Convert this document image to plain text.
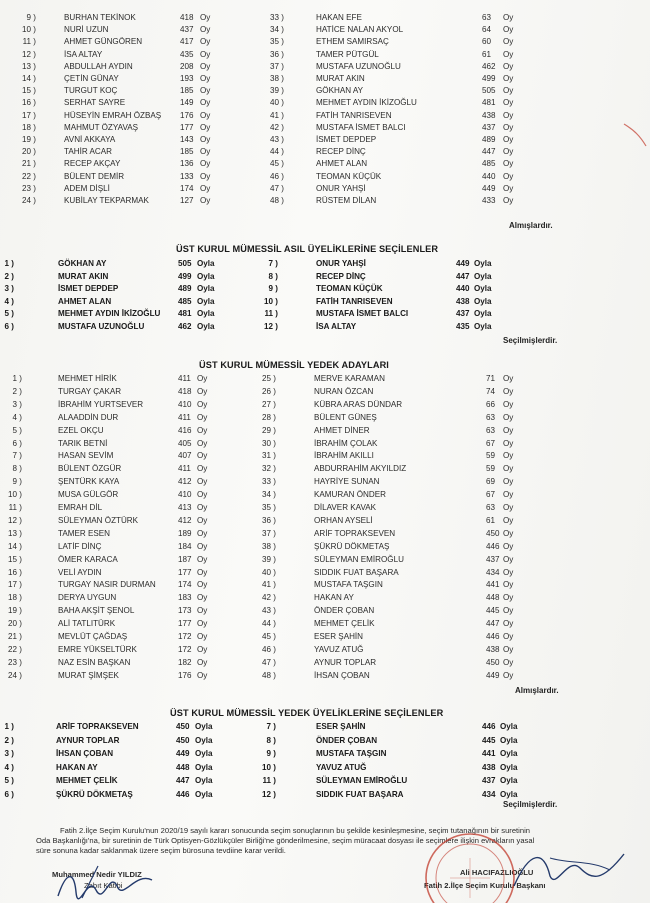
9 )	BURHAN TEKİNOK	418 Oy
10 )	NURİ UZUN	437 Oy
11 )	AHMET GÜNGÖREN	417 Oy
12 )	İSA ALTAY	435 Oy
13 )	ABDULLAH AYDIN	208 Oy
14 )	ÇETİN GÜNAY	193 Oy
15 )	TURGUT KOÇ	185 Oy
16 )	SERHAT SAYRE	149 Oy
17 )	HÜSEYİN EMRAH ÖZBAŞ 176 Oy
18 )	MAHMUT ÖZYAVAŞ	177 Oy
19 )	AVNİ AKKAYA	143 Oy
20 )	TAHİR ACAR	185 Oy
21 )	RECEP AKÇAY	136 Oy
22 )	BÜLENT DEMİR	133 Oy
23 )	ADEM DİŞLİ	174 Oy
24 )	KUBİLAY TEKPARMAK	127 Oy
33 )	HAKAN EFE	63 Oy
34 )	HATİCE NALAN AKYOL	64 Oy
35 )	ETHEM SAMIRSAÇ	60 Oy
36 )	TAMER PÜTGÜL	61 Oy
37 )	MUSTAFA UZUNOĞLU	462 Oy
38 )	MURAT AKIN	499 Oy
39 )	GÖKHAN AY	505 Oy
40 )	MEHMET AYDIN İKİZOĞLU	481 Oy
41 )	FATİH TANRISEVEN	438 Oy
42 )	MUSTAFA İSMET BALCI	437 Oy
43 )	İSMET DEPDEP	489 Oy
44 )	RECEP DİNÇ	447 Oy
45 )	AHMET ALAN	485 Oy
46 )	TEOMAN KÜÇÜK	440 Oy
47 )	ONUR YAHŞİ	449 Oy
48 )	RÜSTEM DİLAN	433 Oy
Almışlardır.
ÜST KURUL MÜMESSİL ASIL ÜYELİKLERİNE SEÇİLENLER
1 )	GÖKHAN AY	505 Oyla
2 )	MURAT AKIN	499 Oyla
3 )	İSMET DEPDEP	489 Oyla
4 )	AHMET ALAN	485 Oyla
5 )	MEHMET AYDIN İKİZOĞLU 481 Oyla
6 )	MUSTAFA UZUNOĞLU	462 Oyla
7 )	ONUR YAHŞİ	449 Oyla
8 )	RECEP DİNÇ	447 Oyla
9 )	TEOMAN KÜÇÜK	440 Oyla
10 )	FATİH TANRISEVEN	438 Oyla
11 )	MUSTAFA İSMET BALCI	437 Oyla
12 )	İSA ALTAY	435 Oyla
Seçilmişlerdir.
ÜST KURUL MÜMESSİL YEDEK ADAYLARI
1 )	MEHMET HİRİK	411 Oy
2 )	TURGAY ÇAKAR	418 Oy
3 )	İBRAHİM YURTSEVER	410 Oy
4 )	ALAADDİN DUR	411 Oy
5 )	EZEL OKÇU	416 Oy
6 )	TARIK BETNİ	405 Oy
7 )	HASAN SEVİM	407 Oy
8 )	BÜLENT ÖZGÜR	411 Oy
9 )	ŞENTÜRK KAYA	412 Oy
10 )	MUSA GÜLGÖR	410 Oy
11 )	EMRAH DİL	413 Oy
12 )	SÜLEYMAN ÖZTÜRK	412 Oy
13 )	TAMER ESEN	189 Oy
14 )	LATİF DİNÇ	184 Oy
15 )	ÖMER KARACA	187 Oy
16 )	VELİ AYDIN	177 Oy
17 )	TURGAY NASIR DURMAN	174 Oy
18 )	DERYA UYGUN	183 Oy
19 )	BAHA AKŞİT ŞENOL	173 Oy
20 )	ALİ TATLITÜRK	177 Oy
21 )	MEVLÜT ÇAĞDAŞ	172 Oy
22 )	EMRE YÜKSELTÜRK	172 Oy
23 )	NAZ ESİN BAŞKAN	182 Oy
24 )	MURAT ŞİMŞEK	176 Oy
25 )	MERVE KARAMAN	71 Oy
26 )	NURAN ÖZCAN	74 Oy
27 )	KÜBRA ARAS DÜNDAR	66 Oy
28 )	BÜLENT GÜNEŞ	63 Oy
29 )	AHMET DİNER	63 Oy
30 )	İBRAHİM ÇOLAK	67 Oy
31 )	İBRAHİM AKILLI	59 Oy
32 )	ABDURRAHİM AKYILDIZ	59 Oy
33 )	HAYRİYE SUNAN	69 Oy
34 )	KAMURAN ÖNDER	67 Oy
35 )	DİLAVER KAVAK	63 Oy
36 )	ORHAN AYSELİ	61 Oy
37 )	ARİF TOPRAKSEVEN	450 Oy
38 )	ŞÜKRÜ DÖKMETAŞ	446 Oy
39 )	SÜLEYMAN EMİROĞLU	437 Oy
40 )	SIDDIK FUAT BAŞARA	434 Oy
41 )	MUSTAFA TAŞGIN	441 Oy
42 )	HAKAN AY	448 Oy
43 )	ÖNDER ÇOBAN	445 Oy
44 )	MEHMET ÇELİK	447 Oy
45 )	ESER ŞAHİN	446 Oy
46 )	YAVUZ ATUĞ	438 Oy
47 )	AYNUR TOPLAR	450 Oy
48 )	İHSAN ÇOBAN	449 Oy
Almışlardır.
ÜST KURUL MÜMESSİL YEDEK ÜYELİKLERİNE SEÇİLENLER
1 )	ARİF TOPRAKSEVEN	450 Oyla
2 )	AYNUR TOPLAR	450 Oyla
3 )	İHSAN ÇOBAN	449 Oyla
4 )	HAKAN AY	448 Oyla
5 )	MEHMET ÇELİK	447 Oyla
6 )	ŞÜKRÜ DÖKMETAŞ	446 Oyla
7 )	ESER ŞAHİN	446 Oyla
8 )	ÖNDER ÇOBAN	445 Oyla
9 )	MUSTAFA TAŞGIN	441 Oyla
10 )	YAVUZ ATUĞ	438 Oyla
11 )	SÜLEYMAN EMİROĞLU	437 Oyla
12 )	SIDDIK FUAT BAŞARA	434 Oyla
Seçilmişlerdir.
Fatih 2.İlçe Seçim Kurulu'nun 2020/19 sayılı kararı sonucunda seçim sonuçlarının bu şekilde kesinleşmesine, seçim tutanağının bir suretinin
Oda Başkanlığı'na, bir suretinin de Türk Optisyen-Gözlükçüler Birliği'ne gönderilmesine, seçim müracaat dosyası ile seçimlere ilişkin evrakların yasal
süre sonuna kadar saklanmak üzere seçim bürosuna tevdiine karar verildi.
Muhammed Nedir YILDIZ
Zabıt Katibi
Ali HACIFAZLIOĞLU
Fatih 2.İlçe Seçim Kurulu Başkanı
